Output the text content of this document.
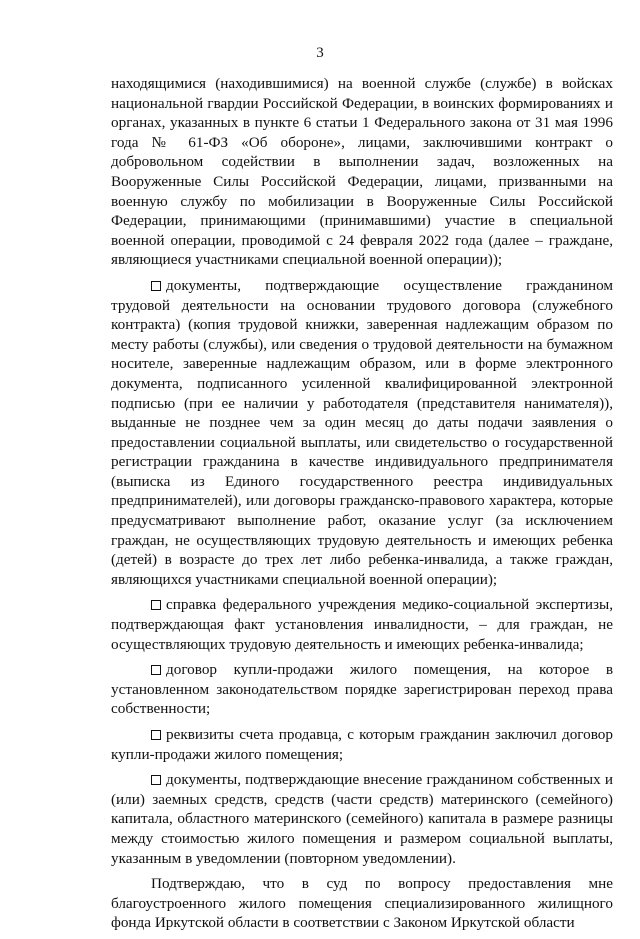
3

находящимися (находившимися) на военной службе (службе) в войсках национальной гвардии Российской Федерации, в воинских формированиях и органах, указанных в пункте 6 статьи 1 Федерального закона от 31 мая 1996 года № 61-ФЗ «Об обороне», лицами, заключившими контракт о добровольном содействии в выполнении задач, возложенных на Вооруженные Силы Российской Федерации, лицами, призванными на военную службу по мобилизации в Вооруженные Силы Российской Федерации, принимающими (принимавшими) участие в специальной военной операции, проводимой с 24 февраля 2022 года (далее – граждане, являющиеся участниками специальной военной операции));

документы, подтверждающие осуществление гражданином трудовой деятельности на основании трудового договора (служебного контракта) (копия трудовой книжки, заверенная надлежащим образом по месту работы (службы), или сведения о трудовой деятельности на бумажном носителе, заверенные надлежащим образом, или в форме электронного документа, подписанного усиленной квалифицированной электронной подписью (при ее наличии у работодателя (представителя нанимателя)), выданные не позднее чем за один месяц до даты подачи заявления о предоставлении социальной выплаты, или свидетельство о государственной регистрации гражданина в качестве индивидуального предпринимателя (выписка из Единого государственного реестра индивидуальных предпринимателей), или договоры гражданско-правового характера, которые предусматривают выполнение работ, оказание услуг (за исключением граждан, не осуществляющих трудовую деятельность и имеющих ребенка (детей) в возрасте до трех лет либо ребенка-инвалида, а также граждан, являющихся участниками специальной военной операции);

справка федерального учреждения медико-социальной экспертизы, подтверждающая факт установления инвалидности, – для граждан, не осуществляющих трудовую деятельность и имеющих ребенка-инвалида;

договор купли-продажи жилого помещения, на которое в установленном законодательством порядке зарегистрирован переход права собственности;

реквизиты счета продавца, с которым гражданин заключил договор купли-продажи жилого помещения;

документы, подтверждающие внесение гражданином собственных и (или) заемных средств, средств (части средств) материнского (семейного) капитала, областного материнского (семейного) капитала в размере разницы между стоимостью жилого помещения и размером социальной выплаты, указанным в уведомлении (повторном уведомлении).

Подтверждаю, что в суд по вопросу предоставления мне благоустроенного жилого помещения специализированного жилищного фонда Иркутской области в соответствии с Законом Иркутской области
